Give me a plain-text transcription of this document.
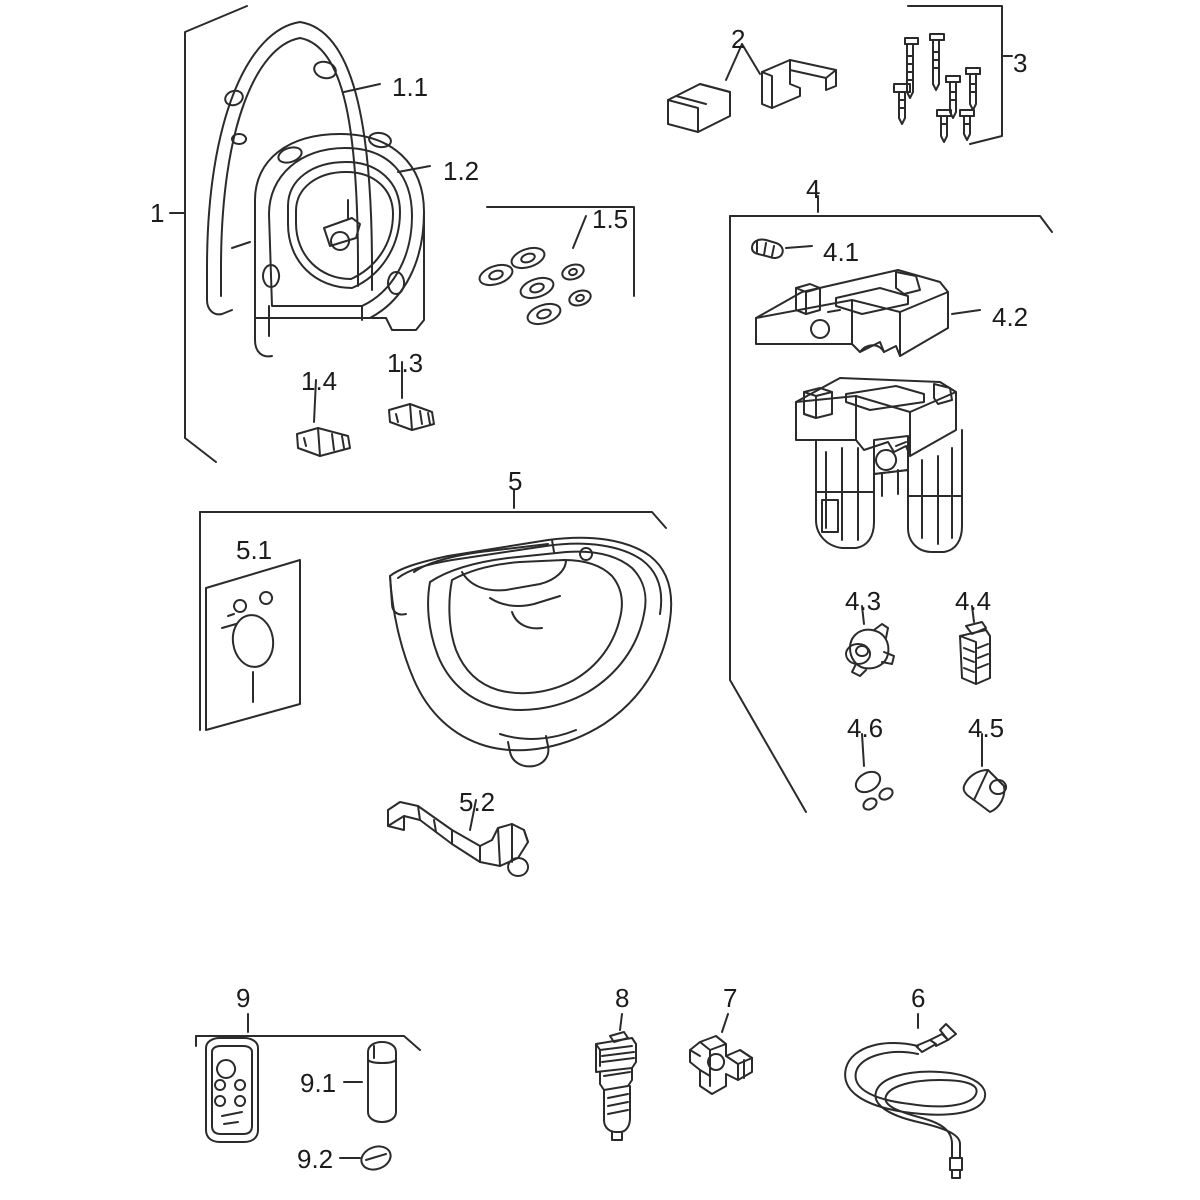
1
1.1
1.2
1.3
1.4
1.5
2
3
4
4.1
4.2
4.3	4.4
4.5
4.6
5
5.1
5.2
6
7
8
9
9.1
9.2
